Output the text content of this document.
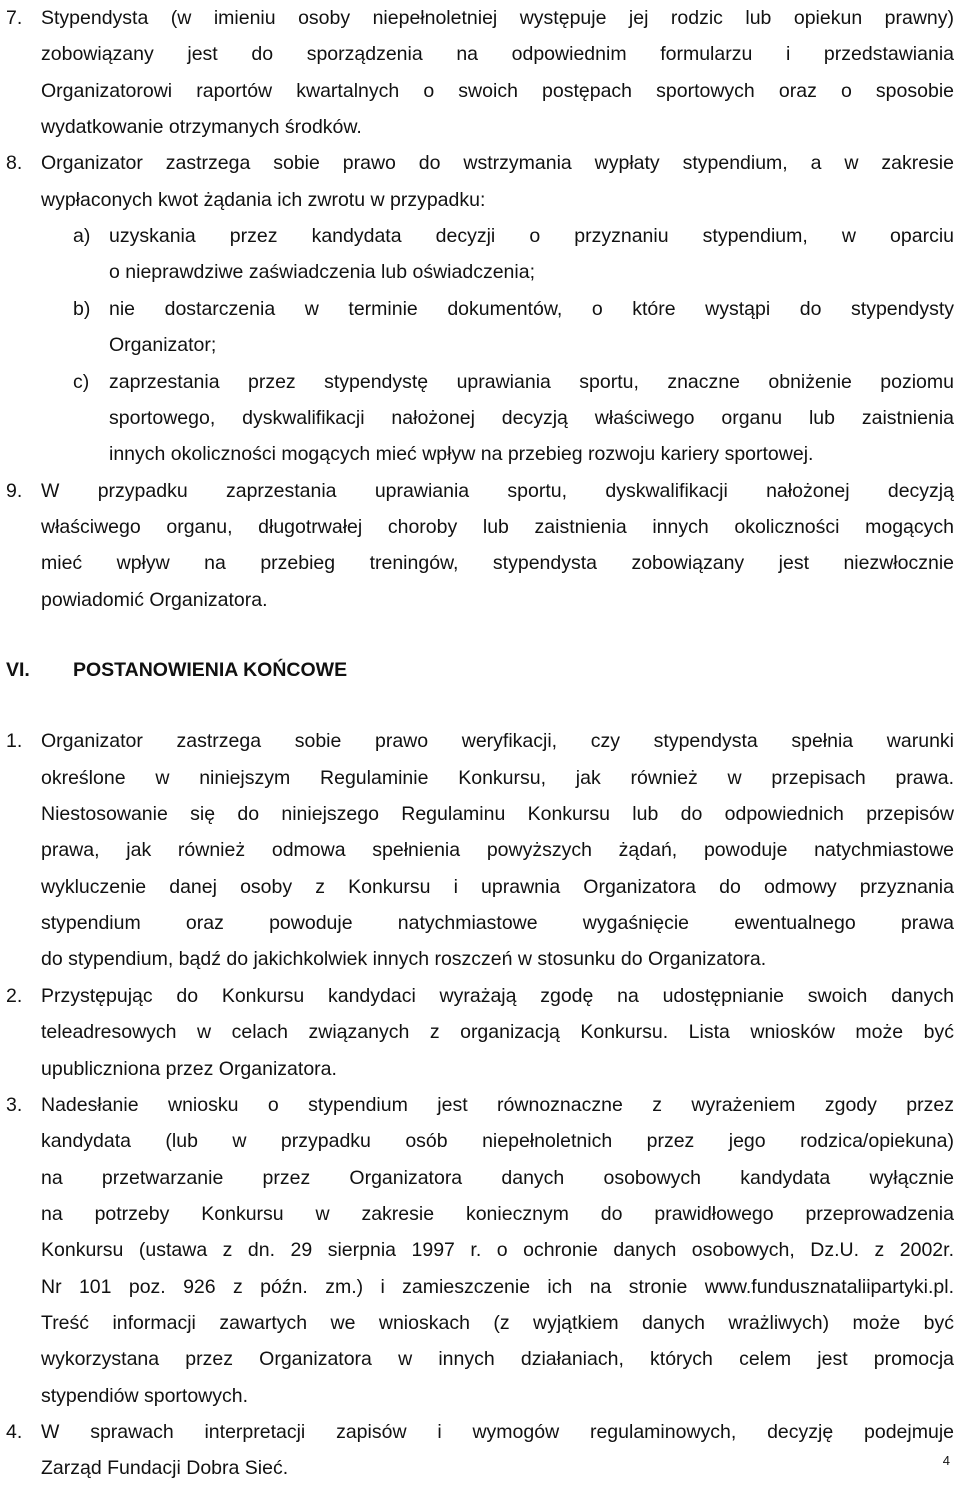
7. Stypendysta (w imieniu osoby niepełnoletniej występuje jej rodzic lub opiekun prawny)
zobowiązany jest do sporządzenia na odpowiednim formularzu i przedstawiania
Organizatorowi raportów kwartalnych o swoich postępach sportowych oraz o sposobie
wydatkowanie otrzymanych środków.
8. Organizator zastrzega sobie prawo do wstrzymania wypłaty stypendium, a w zakresie
wypłaconych kwot żądania ich zwrotu w przypadku:
a) uzyskania przez kandydata decyzji o przyznaniu stypendium, w oparciu
o nieprawdziwe zaświadczenia lub oświadczenia;
b) nie dostarczenia w terminie dokumentów, o które wystąpi do stypendysty
Organizator;
c) zaprzestania przez stypendystę uprawiania sportu, znaczne obniżenie poziomu
sportowego, dyskwalifikacji nałożonej decyzją właściwego organu lub zaistnienia
innych okoliczności mogących mieć wpływ na przebieg rozwoju kariery sportowej.
9. W przypadku zaprzestania uprawiania sportu, dyskwalifikacji nałożonej decyzją
właściwego organu, długotrwałej choroby lub zaistnienia innych okoliczności mogących
mieć wpływ na przebieg treningów, stypendysta zobowiązany jest niezwłocznie
powiadomić Organizatora.
VI. POSTANOWIENIA KOŃCOWE
1. Organizator zastrzega sobie prawo weryfikacji, czy stypendysta spełnia warunki
określone w niniejszym Regulaminie Konkursu, jak również w przepisach prawa.
Niestosowanie się do niniejszego Regulaminu Konkursu lub do odpowiednich przepisów
prawa, jak również odmowa spełnienia powyższych żądań, powoduje natychmiastowe
wykluczenie danej osoby z Konkursu i uprawnia Organizatora do odmowy przyznania
stypendium oraz powoduje natychmiastowe wygaśnięcie ewentualnego prawa
do stypendium, bądź do jakichkolwiek innych roszczeń w stosunku do Organizatora.
2. Przystępując do Konkursu kandydaci wyrażają zgodę na udostępnianie swoich danych
teleadresowych w celach związanych z organizacją Konkursu. Lista wniosków może być
upubliczniona przez Organizatora.
3. Nadesłanie wniosku o stypendium jest równoznaczne z wyrażeniem zgody przez
kandydata (lub w przypadku osób niepełnoletnich przez jego rodzica/opiekuna)
na przetwarzanie przez Organizatora danych osobowych kandydata wyłącznie
na potrzeby Konkursu w zakresie koniecznym do prawidłowego przeprowadzenia
Konkursu (ustawa z dn. 29 sierpnia 1997 r. o ochronie danych osobowych, Dz.U. z 2002r.
Nr 101 poz. 926 z późn. zm.) i zamieszczenie ich na stronie www.fundusznataliipartyki.pl.
Treść informacji zawartych we wnioskach (z wyjątkiem danych wrażliwych) może być
wykorzystana przez Organizatora w innych działaniach, których celem jest promocja
stypendiów sportowych.
4. W sprawach interpretacji zapisów i wymogów regulaminowych, decyzję podejmuje
Zarząd Fundacji Dobra Sieć.	4
